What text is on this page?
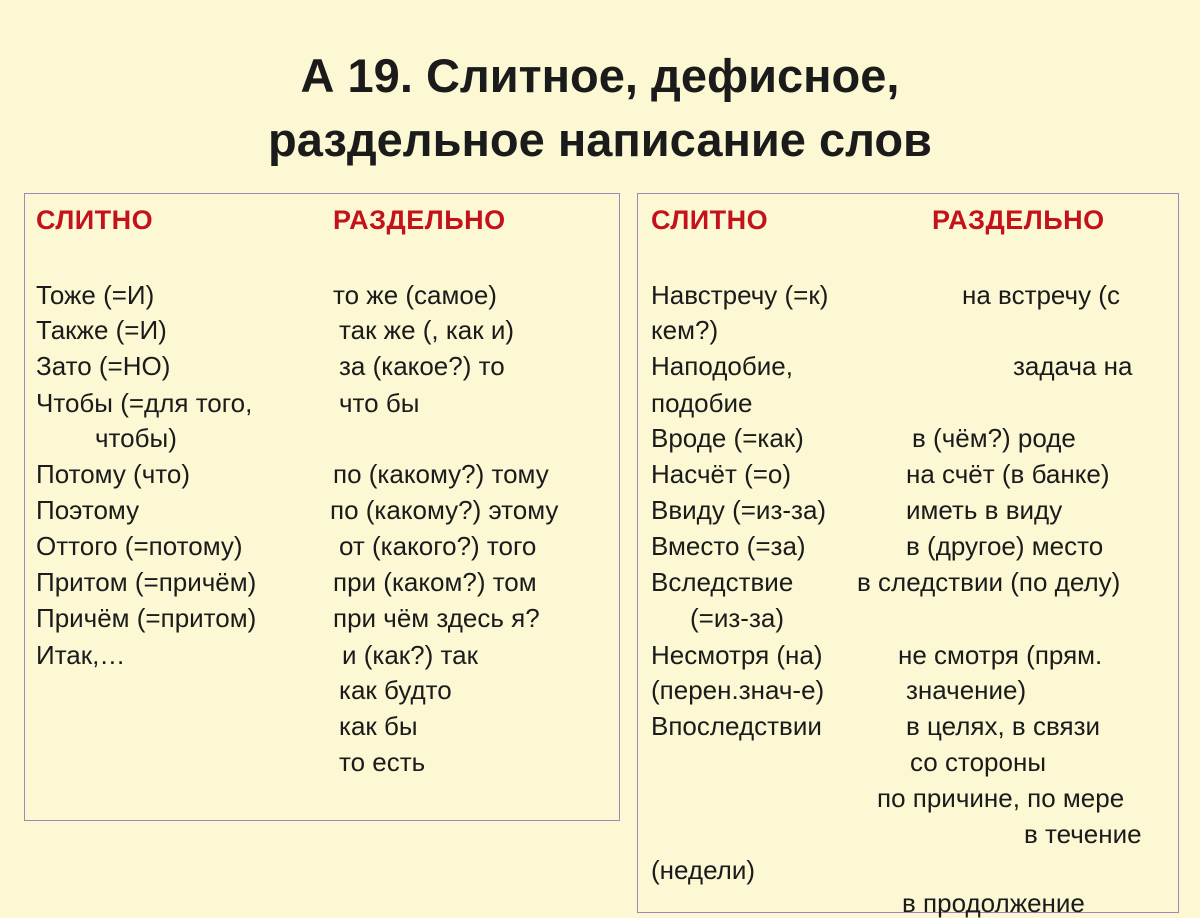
А 19. Слитное, дефисное,
раздельное написание слов
СЛИТНО	РАЗДЕЛЬНО
Тоже (=И)
Также (=И)
Зато (=НО)
Чтобы (=для того,
чтобы)
Потому (что)
Поэтому
Оттого (=потому)
Притом (=причём)
Причём (=притом)
Итак,…
то же (самое)
так же (, как и)
за (какое?) то
что бы
по (какому?) тому
по (какому?) этому
от (какого?) того
при (каком?) том
при чём здесь я?
и (как?) так
как будто
как бы
то есть
СЛИТНО	РАЗДЕЛЬНО
Навстречу (=к)
кем?)
Наподобие,
подобие
Вроде (=как)
Насчёт (=о)
Ввиду (=из-за)
Вместо (=за)
Вследствие
(=из-за)
Несмотря (на)
(перен.знач-е)
Впоследствии
(недели)
на встречу (с
задача на
в (чём?) роде
на счёт (в банке)
иметь в виду
в (другое) место
в следствии (по делу)
не смотря (прям.
значение)
в целях, в связи
со стороны
по причине, по мере
в течение
в продолжение
